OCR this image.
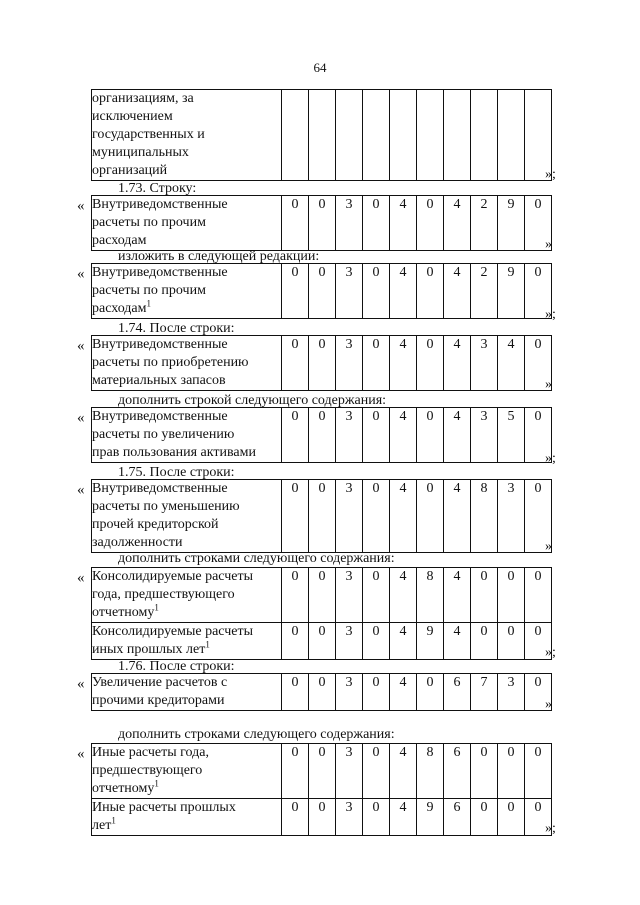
64
1.73. Строку:
изложить в следующей редакции:
1.74. После строки:
дополнить строкой следующего содержания:
1.75. После строки:
дополнить строками следующего содержания:
1.76. После строки:
дополнить строками следующего содержания:
организациям, за
исключением
государственных и
муниципальных
организаций											»;
Внутриведомственные
расчеты по прочим
расходам	0	0	3	0	4	0	4	2	9	0
«
»
Внутриведомственные
расчеты по прочим
расходам$^1$	0	0	3	0	4	0	4	2	9	0
«
»;
Внутриведомственные
расчеты по приобретению
материальных запасов	0	0	3	0	4	0	4	3	4	0
«
»
Внутриведомственные
расчеты по увеличению
прав пользования активами	0	0	3	0	4	0	4	3	5	0
«
»;
Внутриведомственные
расчеты по уменьшению
прочей кредиторской
задолженности	0	0	3	0	4	0	4	8	3	0
«
»
Консолидируемые расчеты
года, предшествующего
отчетному$^1$	0	0	3	0	4	8	4	0	0	0
Консолидируемые расчеты
иных прошлых лет$^1$	0	0	3	0	4	9	4	0	0	0
«
»;
Увеличение расчетов с
прочими кредиторами	0	0	3	0	4	0	6	7	3	0
«
»
Иные расчеты года,
предшествующего
отчетному$^1$	0	0	3	0	4	8	6	0	0	0
Иные расчеты прошлых
лет$^1$	0	0	3	0	4	9	6	0	0	0
«
»;
